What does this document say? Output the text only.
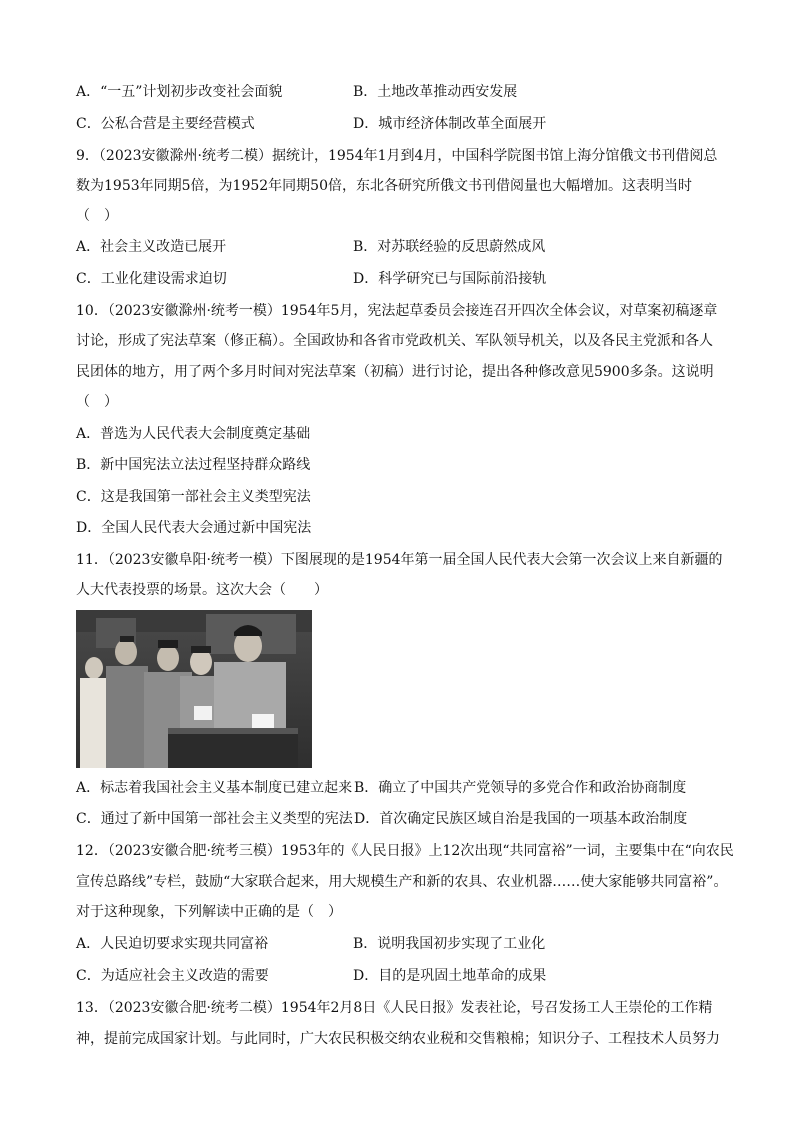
A．“一五”计划初步改变社会面貌	B．土地改革推动西安发展
C．公私合营是主要经营模式	D．城市经济体制改革全面展开
9．（2023安徽滁州·统考二模）据统计，1954年1月到4月，中国科学院图书馆上海分馆俄文书刊借阅总
数为1953年同期5倍，为1952年同期50倍，东北各研究所俄文书刊借阅量也大幅增加。这表明当时
（　）
A．社会主义改造已展开	B．对苏联经验的反思蔚然成风
C．工业化建设需求迫切	D．科学研究已与国际前沿接轨
10．（2023安徽滁州·统考一模）1954年5月，宪法起草委员会接连召开四次全体会议，对草案初稿逐章
讨论，形成了宪法草案（修正稿）。全国政协和各省市党政机关、军队领导机关，以及各民主党派和各人
民团体的地方，用了两个多月时间对宪法草案（初稿）进行讨论，提出各种修改意见5900多条。这说明
（　）
A．普选为人民代表大会制度奠定基础
B．新中国宪法立法过程坚持群众路线
C．这是我国第一部社会主义类型宪法
D．全国人民代表大会通过新中国宪法
11．（2023安徽阜阳·统考一模）下图展现的是1954年第一届全国人民代表大会第一次会议上来自新疆的
人大代表投票的场景。这次大会（　　）
A．标志着我国社会主义基本制度已建立起来 B．确立了中国共产党领导的多党合作和政治协商制度
C．通过了新中国第一部社会主义类型的宪法 D．首次确定民族区域自治是我国的一项基本政治制度
12．（2023安徽合肥·统考三模）1953年的《人民日报》上12次出现“共同富裕”一词，主要集中在“向农民
宣传总路线”专栏，鼓励“大家联合起来，用大规模生产和新的农具、农业机器……使大家能够共同富裕”。
对于这种现象，下列解读中正确的是（　）
A．人民迫切要求实现共同富裕	B．说明我国初步实现了工业化
C．为适应社会主义改造的需要	D．目的是巩固土地革命的成果
13．（2023安徽合肥·统考二模）1954年2月8日《人民日报》发表社论，号召发扬工人王崇伦的工作精
神，提前完成国家计划。与此同时，广大农民积极交纳农业税和交售粮棉；知识分子、工程技术人员努力
